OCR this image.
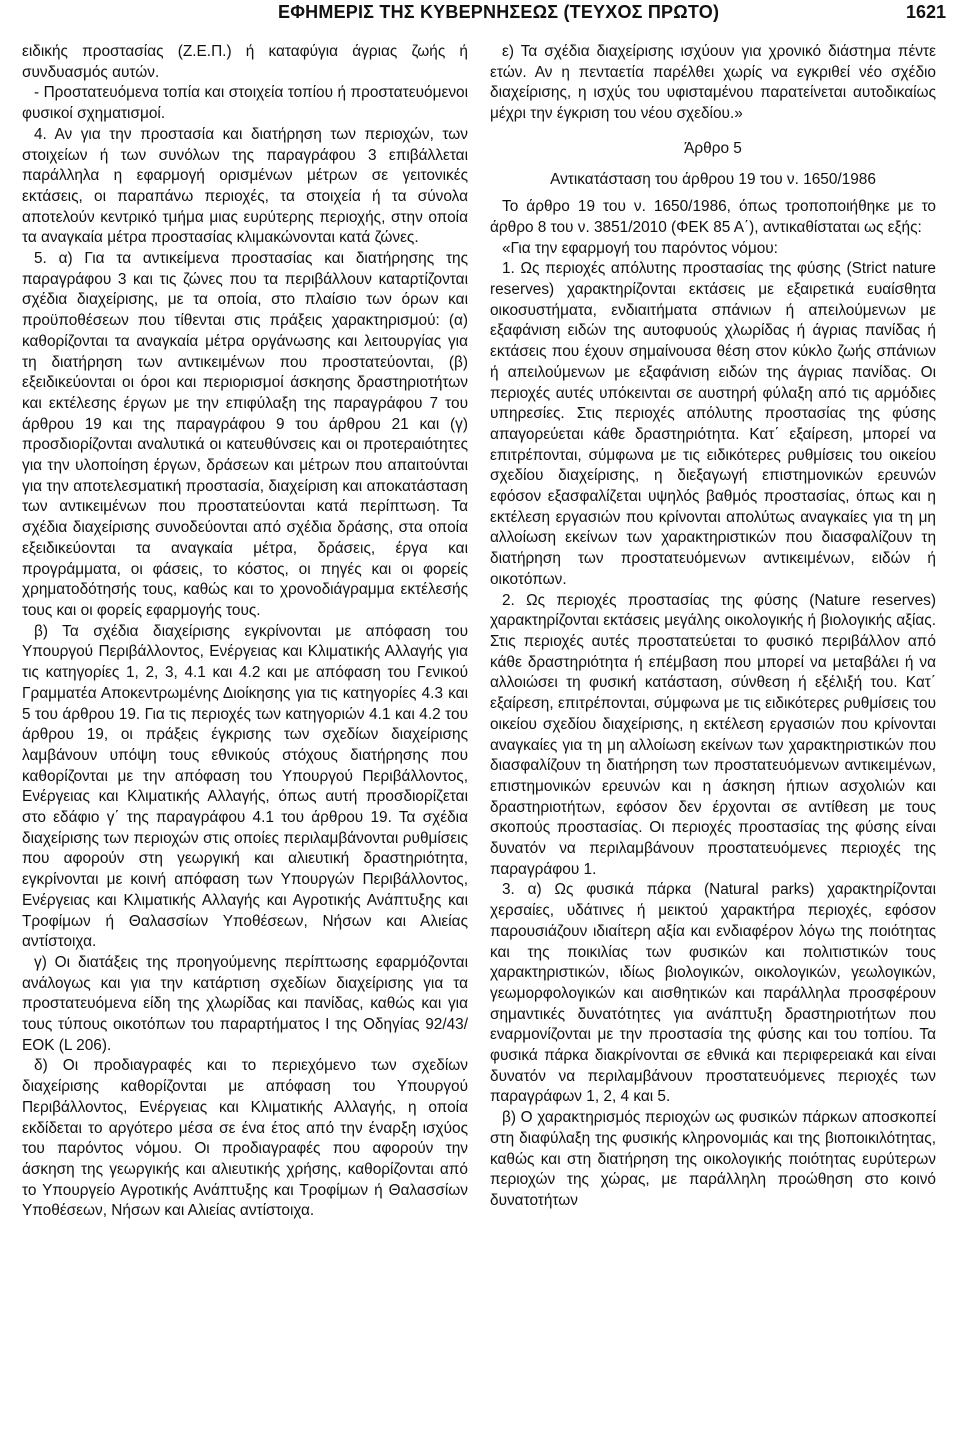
ΕΦΗΜΕΡΙΣ ΤΗΣ ΚΥΒΕΡΝΗΣΕΩΣ (ΤΕΥΧΟΣ ΠΡΩΤΟ)	1621

ειδικής προστασίας (Ζ.Ε.Π.) ή καταφύγια άγριας ζωής ή συνδυασμός αυτών.

- Προστατευόμενα τοπία και στοιχεία τοπίου ή προστατευόμενοι φυσικοί σχηματισμοί.

4. Αν για την προστασία και διατήρηση των περιοχών, των στοιχείων ή των συνόλων της παραγράφου 3 επιβάλλεται παράλληλα η εφαρμογή ορισμένων μέτρων σε γειτονικές εκτάσεις, οι παραπάνω περιοχές, τα στοιχεία ή τα σύνολα αποτελούν κεντρικό τμήμα μιας ευρύτερης περιοχής, στην οποία τα αναγκαία μέτρα προστασίας κλιμακώνονται κατά ζώνες.

5. α) Για τα αντικείμενα προστασίας και διατήρησης της παραγράφου 3 και τις ζώνες που τα περιβάλλουν καταρτίζονται σχέδια διαχείρισης, με τα οποία, στο πλαίσιο των όρων και προϋποθέσεων που τίθενται στις πράξεις χαρακτηρισμού: (α) καθορίζονται τα αναγκαία μέτρα οργάνωσης και λειτουργίας για τη διατήρηση των αντικειμένων που προστατεύονται, (β) εξειδικεύονται οι όροι και περιορισμοί άσκησης δραστηριοτήτων και εκτέλεσης έργων με την επιφύλαξη της παραγράφου 7 του άρθρου 19 και της παραγράφου 9 του άρθρου 21 και (γ) προσδιορίζονται αναλυτικά οι κατευθύνσεις και οι προτεραιότητες για την υλοποίηση έργων, δράσεων και μέτρων που απαιτούνται για την αποτελεσματική προστασία, διαχείριση και αποκατάσταση των αντικειμένων που προστατεύονται κατά περίπτωση. Τα σχέδια διαχείρισης συνοδεύονται από σχέδια δράσης, στα οποία εξειδικεύονται τα αναγκαία μέτρα, δράσεις, έργα και προγράμματα, οι φάσεις, το κόστος, οι πηγές και οι φορείς χρηματοδότησής τους, καθώς και το χρονοδιάγραμμα εκτέλεσής τους και οι φορείς εφαρμογής τους.

β) Τα σχέδια διαχείρισης εγκρίνονται με απόφαση του Υπουργού Περιβάλλοντος, Ενέργειας και Κλιματικής Αλλαγής για τις κατηγορίες 1, 2, 3, 4.1 και 4.2 και με απόφαση του Γενικού Γραμματέα Αποκεντρωμένης Διοίκησης για τις κατηγορίες 4.3 και 5 του άρθρου 19. Για τις περιοχές των κατηγοριών 4.1 και 4.2 του άρθρου 19, οι πράξεις έγκρισης των σχεδίων διαχείρισης λαμβάνουν υπόψη τους εθνικούς στόχους διατήρησης που καθορίζονται με την απόφαση του Υπουργού Περιβάλλοντος, Ενέργειας και Κλιματικής Αλλαγής, όπως αυτή προσδιορίζεται στο εδάφιο γ΄ της παραγράφου 4.1 του άρθρου 19. Τα σχέδια διαχείρισης των περιοχών στις οποίες περιλαμβάνονται ρυθμίσεις που αφορούν στη γεωργική και αλιευτική δραστηριότητα, εγκρίνονται με κοινή απόφαση των Υπουργών Περιβάλλοντος, Ενέργειας και Κλιματικής Αλλαγής και Αγροτικής Ανάπτυξης και Τροφίμων ή Θαλασσίων Υποθέσεων, Νήσων και Αλιείας αντίστοιχα.

γ) Οι διατάξεις της προηγούμενης περίπτωσης εφαρμόζονται ανάλογως και για την κατάρτιση σχεδίων διαχείρισης για τα προστατευόμενα είδη της χλωρίδας και πανίδας, καθώς και για τους τύπους οικοτόπων του παραρτήματος Ι της Οδηγίας 92/43/ΕΟΚ (L 206).

δ) Οι προδιαγραφές και το περιεχόμενο των σχεδίων διαχείρισης καθορίζονται με απόφαση του Υπουργού Περιβάλλοντος, Ενέργειας και Κλιματικής Αλλαγής, η οποία εκδίδεται το αργότερο μέσα σε ένα έτος από την έναρξη ισχύος του παρόντος νόμου. Οι προδιαγραφές που αφορούν την άσκηση της γεωργικής και αλιευτικής χρήσης, καθορίζονται από το Υπουργείο Αγροτικής Ανάπτυξης και Τροφίμων ή Θαλασσίων Υποθέσεων, Νήσων και Αλιείας αντίστοιχα.

ε) Τα σχέδια διαχείρισης ισχύουν για χρονικό διάστημα πέντε ετών. Αν η πενταετία παρέλθει χωρίς να εγκριθεί νέο σχέδιο διαχείρισης, η ισχύς του υφισταμένου παρατείνεται αυτοδικαίως μέχρι την έγκριση του νέου σχεδίου.»

Άρθρο 5

Αντικατάσταση του άρθρου 19 του ν. 1650/1986

Το άρθρο 19 του ν. 1650/1986, όπως τροποποιήθηκε με το άρθρο 8 του ν. 3851/2010 (ΦΕΚ 85 Α΄), αντικαθίσταται ως εξής:

«Για την εφαρμογή του παρόντος νόμου:

1. Ως περιοχές απόλυτης προστασίας της φύσης (Strict nature reserves) χαρακτηρίζονται εκτάσεις με εξαιρετικά ευαίσθητα οικοσυστήματα, ενδιαιτήματα σπάνιων ή απειλούμενων με εξαφάνιση ειδών της αυτοφυούς χλωρίδας ή άγριας πανίδας ή εκτάσεις που έχουν σημαίνουσα θέση στον κύκλο ζωής σπάνιων ή απειλούμενων με εξαφάνιση ειδών της άγριας πανίδας. Οι περιοχές αυτές υπόκεινται σε αυστηρή φύλαξη από τις αρμόδιες υπηρεσίες. Στις περιοχές απόλυτης προστασίας της φύσης απαγορεύεται κάθε δραστηριότητα. Κατ΄ εξαίρεση, μπορεί να επιτρέπονται, σύμφωνα με τις ειδικότερες ρυθμίσεις του οικείου σχεδίου διαχείρισης, η διεξαγωγή επιστημονικών ερευνών εφόσον εξασφαλίζεται υψηλός βαθμός προστασίας, όπως και η εκτέλεση εργασιών που κρίνονται απολύτως αναγκαίες για τη μη αλλοίωση εκείνων των χαρακτηριστικών που διασφαλίζουν τη διατήρηση των προστατευόμενων αντικειμένων, ειδών ή οικοτόπων.

2. Ως περιοχές προστασίας της φύσης (Nature reserves) χαρακτηρίζονται εκτάσεις μεγάλης οικολογικής ή βιολογικής αξίας. Στις περιοχές αυτές προστατεύεται το φυσικό περιβάλλον από κάθε δραστηριότητα ή επέμβαση που μπορεί να μεταβάλει ή να αλλοιώσει τη φυσική κατάσταση, σύνθεση ή εξέλιξή του. Κατ΄ εξαίρεση, επιτρέπονται, σύμφωνα με τις ειδικότερες ρυθμίσεις του οικείου σχεδίου διαχείρισης, η εκτέλεση εργασιών που κρίνονται αναγκαίες για τη μη αλλοίωση εκείνων των χαρακτηριστικών που διασφαλίζουν τη διατήρηση των προστατευόμενων αντικειμένων, επιστημονικών ερευνών και η άσκηση ήπιων ασχολιών και δραστηριοτήτων, εφόσον δεν έρχονται σε αντίθεση με τους σκοπούς προστασίας. Οι περιοχές προστασίας της φύσης είναι δυνατόν να περιλαμβάνουν προστατευόμενες περιοχές της παραγράφου 1.

3. α) Ως φυσικά πάρκα (Natural parks) χαρακτηρίζονται χερσαίες, υδάτινες ή μεικτού χαρακτήρα περιοχές, εφόσον παρουσιάζουν ιδιαίτερη αξία και ενδιαφέρον λόγω της ποιότητας και της ποικιλίας των φυσικών και πολιτιστικών τους χαρακτηριστικών, ιδίως βιολογικών, οικολογικών, γεωλογικών, γεωμορφολογικών και αισθητικών και παράλληλα προσφέρουν σημαντικές δυνατότητες για ανάπτυξη δραστηριοτήτων που εναρμονίζονται με την προστασία της φύσης και του τοπίου. Τα φυσικά πάρκα διακρίνονται σε εθνικά και περιφερειακά και είναι δυνατόν να περιλαμβάνουν προστατευόμενες περιοχές των παραγράφων 1, 2, 4 και 5.

β) Ο χαρακτηρισμός περιοχών ως φυσικών πάρκων αποσκοπεί στη διαφύλαξη της φυσικής κληρονομιάς και της βιοποικιλότητας, καθώς και στη διατήρηση της οικολογικής ποιότητας ευρύτερων περιοχών της χώρας, με παράλληλη προώθηση στο κοινό δυνατοτήτων
